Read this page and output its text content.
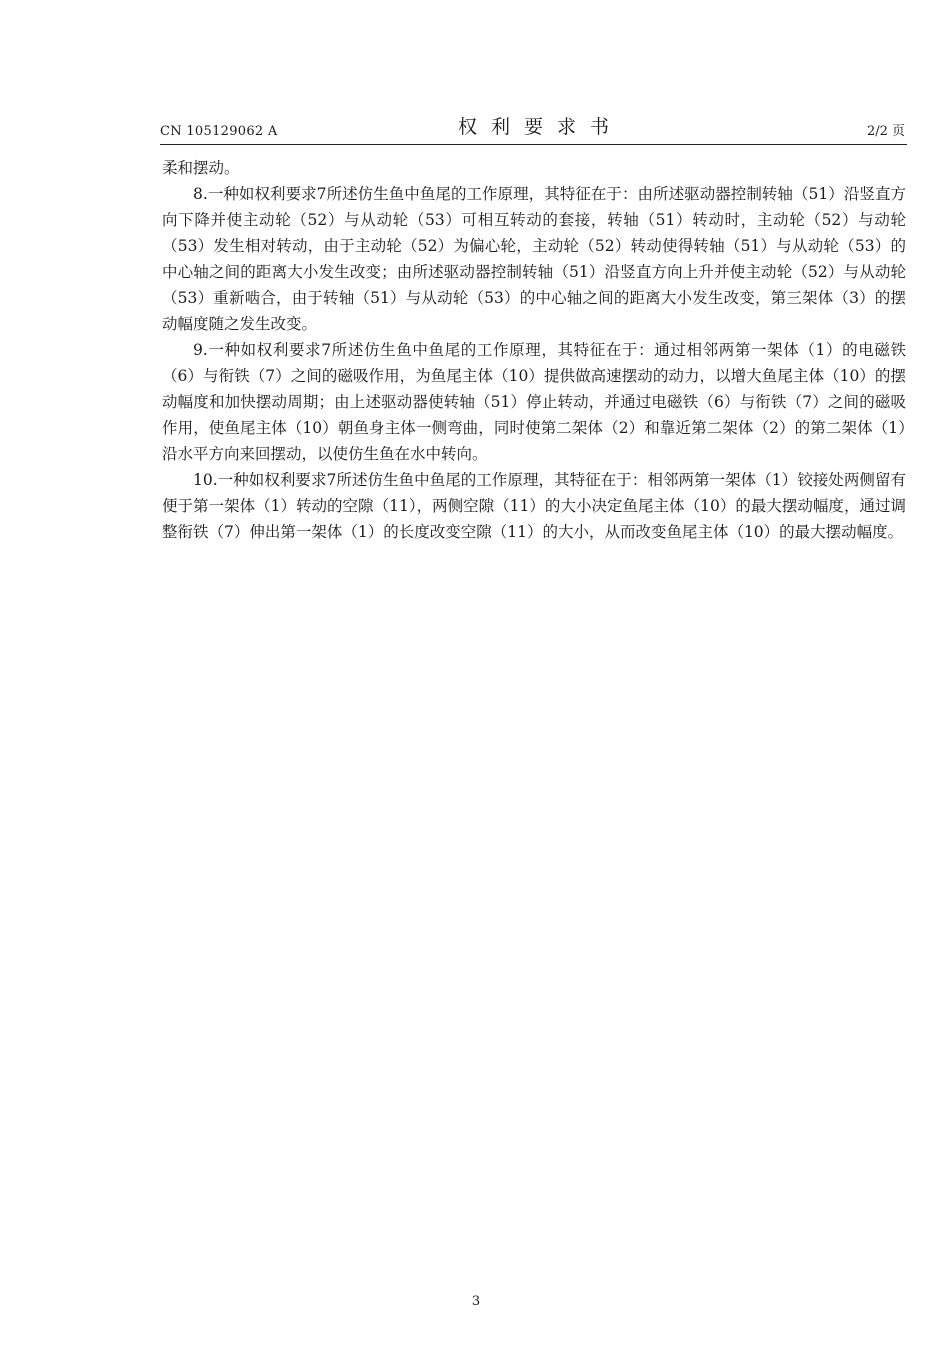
CN 105129062 A	权利要求书	2/2 页

柔和摆动。

8.一种如权利要求7所述仿生鱼中鱼尾的工作原理，其特征在于：由所述驱动器控制转轴（51）沿竖直方向下降并使主动轮（52）与从动轮（53）可相互转动的套接，转轴（51）转动时，主动轮（52）与动轮（53）发生相对转动，由于主动轮（52）为偏心轮，主动轮（52）转动使得转轴（51）与从动轮（53）的中心轴之间的距离大小发生改变；由所述驱动器控制转轴（51）沿竖直方向上升并使主动轮（52）与从动轮（53）重新啮合，由于转轴（51）与从动轮（53）的中心轴之间的距离大小发生改变，第三架体（3）的摆动幅度随之发生改变。

9.一种如权利要求7所述仿生鱼中鱼尾的工作原理，其特征在于：通过相邻两第一架体（1）的电磁铁（6）与衔铁（7）之间的磁吸作用，为鱼尾主体（10）提供做高速摆动的动力，以增大鱼尾主体（10）的摆动幅度和加快摆动周期；由上述驱动器使转轴（51）停止转动，并通过电磁铁（6）与衔铁（7）之间的磁吸作用，使鱼尾主体（10）朝鱼身主体一侧弯曲，同时使第二架体（2）和靠近第二架体（2）的第二架体（1）沿水平方向来回摆动，以使仿生鱼在水中转向。

10.一种如权利要求7所述仿生鱼中鱼尾的工作原理，其特征在于：相邻两第一架体（1）铰接处两侧留有便于第一架体（1）转动的空隙（11），两侧空隙（11）的大小决定鱼尾主体（10）的最大摆动幅度，通过调整衔铁（7）伸出第一架体（1）的长度改变空隙（11）的大小，从而改变鱼尾主体（10）的最大摆动幅度。

3
